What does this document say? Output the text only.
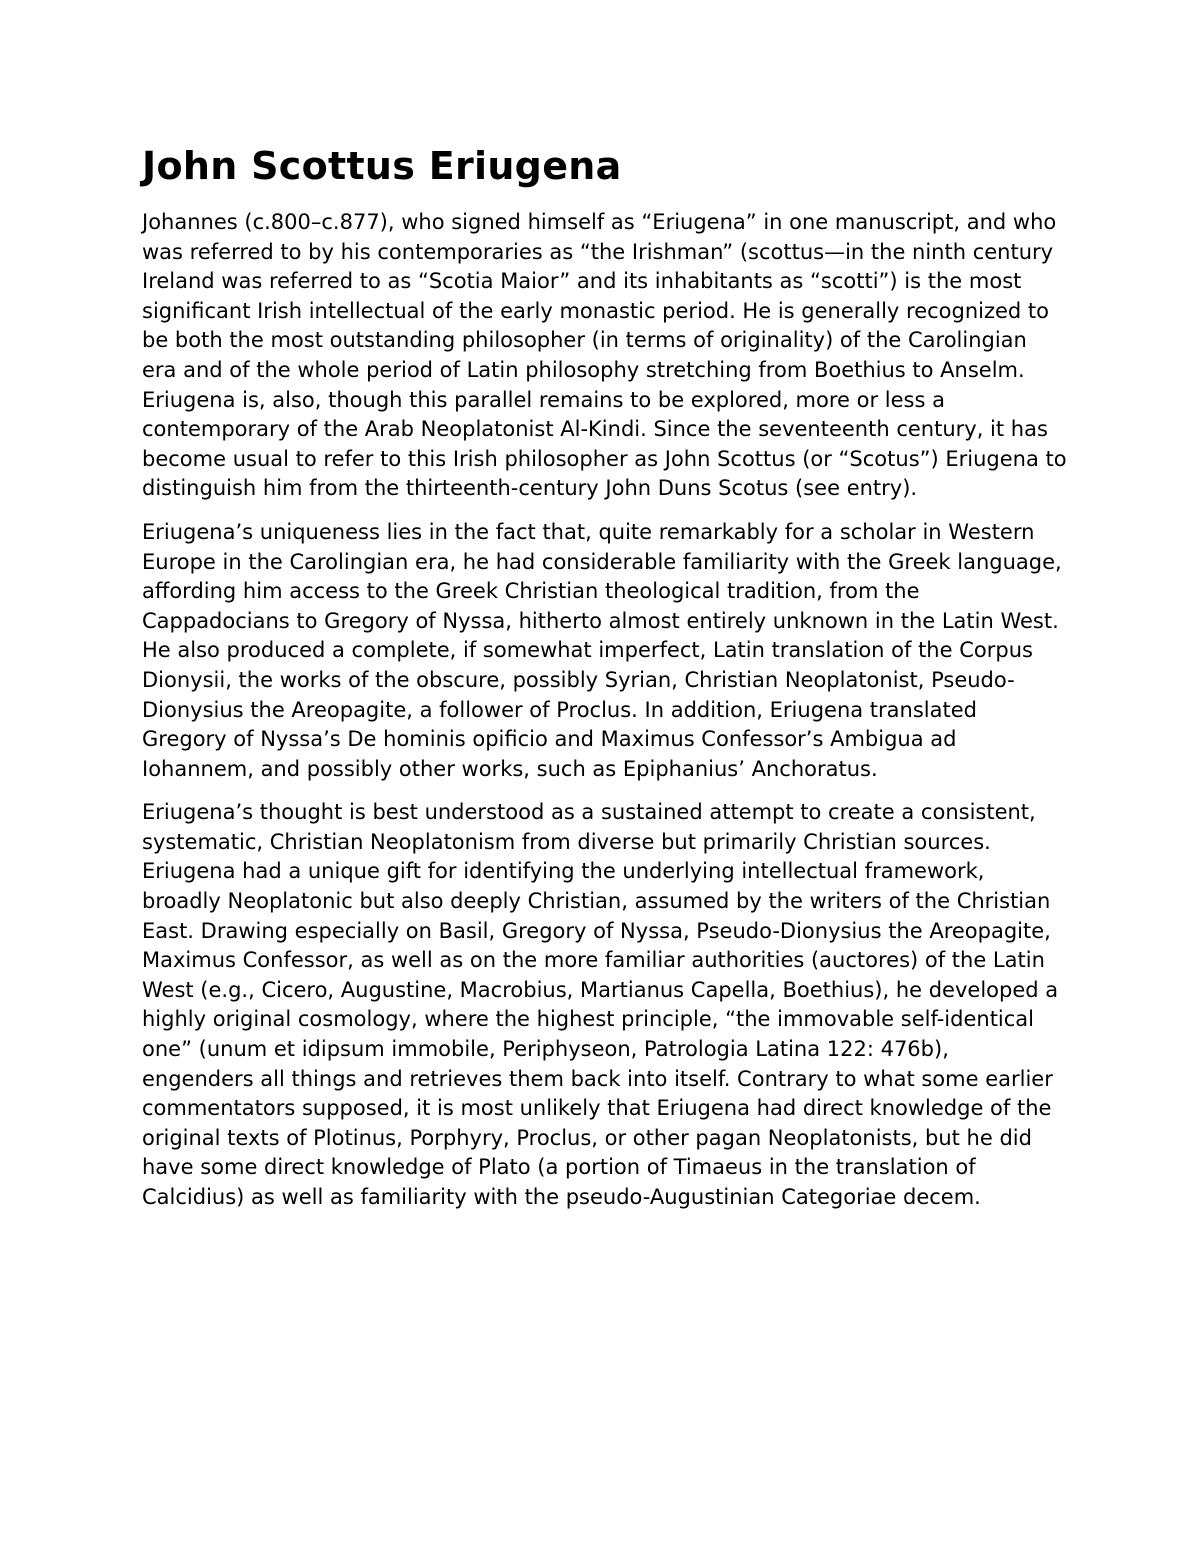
John Scottus Eriugena

Johannes (c.800–c.877), who signed himself as “Eriugena” in one manuscript, and who was referred to by his contemporaries as “the Irishman” (scottus—in the ninth century Ireland was referred to as “Scotia Maior” and its inhabitants as “scotti”) is the most significant Irish intellectual of the early monastic period. He is generally recognized to be both the most outstanding philosopher (in terms of originality) of the Carolingian era and of the whole period of Latin philosophy stretching from Boethius to Anselm. Eriugena is, also, though this parallel remains to be explored, more or less a contemporary of the Arab Neoplatonist Al-Kindi. Since the seventeenth century, it has become usual to refer to this Irish philosopher as John Scottus (or “Scotus”) Eriugena to distinguish him from the thirteenth-century John Duns Scotus (see entry).

Eriugena’s uniqueness lies in the fact that, quite remarkably for a scholar in Western Europe in the Carolingian era, he had considerable familiarity with the Greek language, affording him access to the Greek Christian theological tradition, from the Cappadocians to Gregory of Nyssa, hitherto almost entirely unknown in the Latin West. He also produced a complete, if somewhat imperfect, Latin translation of the Corpus Dionysii, the works of the obscure, possibly Syrian, Christian Neoplatonist, Pseudo-Dionysius the Areopagite, a follower of Proclus. In addition, Eriugena translated Gregory of Nyssa’s De hominis opificio and Maximus Confessor’s Ambigua ad Iohannem, and possibly other works, such as Epiphanius’ Anchoratus.

Eriugena’s thought is best understood as a sustained attempt to create a consistent, systematic, Christian Neoplatonism from diverse but primarily Christian sources. Eriugena had a unique gift for identifying the underlying intellectual framework, broadly Neoplatonic but also deeply Christian, assumed by the writers of the Christian East. Drawing especially on Basil, Gregory of Nyssa, Pseudo-Dionysius the Areopagite, Maximus Confessor, as well as on the more familiar authorities (auctores) of the Latin West (e.g., Cicero, Augustine, Macrobius, Martianus Capella, Boethius), he developed a highly original cosmology, where the highest principle, “the immovable self-identical one” (unum et idipsum immobile, Periphyseon, Patrologia Latina 122: 476b), engenders all things and retrieves them back into itself. Contrary to what some earlier commentators supposed, it is most unlikely that Eriugena had direct knowledge of the original texts of Plotinus, Porphyry, Proclus, or other pagan Neoplatonists, but he did have some direct knowledge of Plato (a portion of Timaeus in the translation of Calcidius) as well as familiarity with the pseudo-Augustinian Categoriae decem.
